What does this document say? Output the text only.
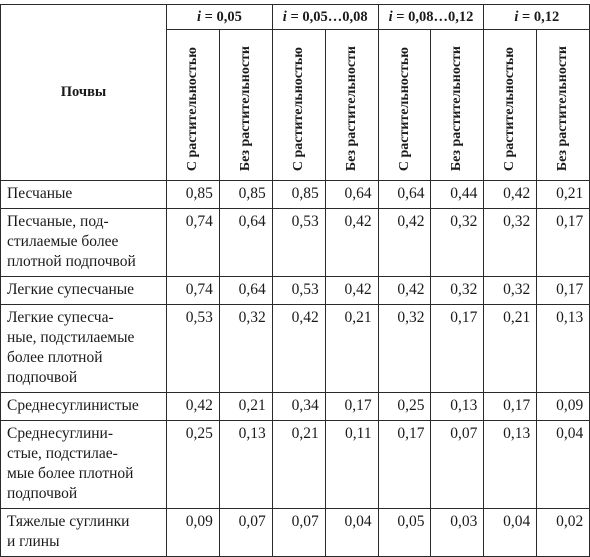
Почвы	i = 0,05		i = 0,05…0,08		i = 0,08…0,12		i = 0,12	
	С растительностью	Без растительности	С растительностью	Без растительности	С растительностью	Без растительности	С растительностью	Без растительности
Песчаные	0,85	0,85	0,85	0,64	0,64	0,44	0,42	0,21
Песчаные, под-
стилаемые более
плотной подпочвой	0,74	0,64	0,53	0,42	0,42	0,32	0,32	0,17
Легкие супесчаные	0,74	0,64	0,53	0,42	0,42	0,32	0,32	0,17
Легкие супесча-
ные, подстилаемые
более плотной
подпочвой	0,53	0,32	0,42	0,21	0,32	0,17	0,21	0,13
Среднесуглинистые	0,42	0,21	0,34	0,17	0,25	0,13	0,17	0,09
Среднесуглини-
стые, подстилае-
мые более плотной
подпочвой	0,25	0,13	0,21	0,11	0,17	0,07	0,13	0,04
Тяжелые суглинки
и глины	0,09	0,07	0,07	0,04	0,05	0,03	0,04	0,02
